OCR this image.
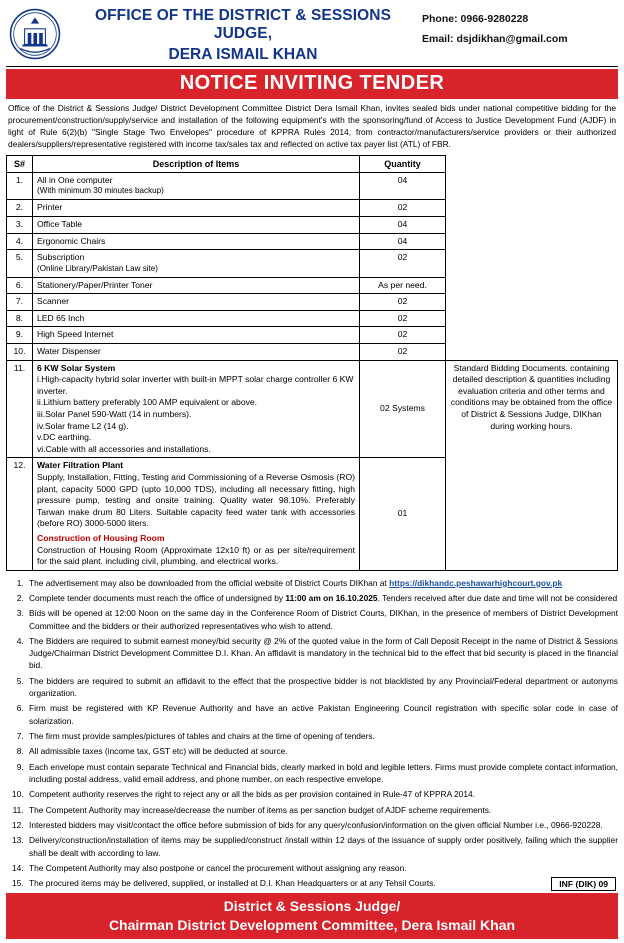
OFFICE OF THE DISTRICT & SESSIONS JUDGE,
DERA ISMAIL KHAN
Phone: 0966-9280228
Email: dsjdikhan@gmail.com
NOTICE INVITING TENDER
Office of the District & Sessions Judge/ District Development Committee District Dera Ismail Khan, invites sealed bids under national competitive bidding for the procurement/construction/supply/service and installation of the following equipment's with the sponsoring/fund of Access to Justice Development Fund (AJDF) in light of Rule 6(2)(b) "Single Stage Two Envelopes" procedure of KPPRA Rules 2014, from contractor/manufacturers/service providers or their authorized dealers/suppliers/representative registered with income tax/sales tax and reflected on active tax payer list (ATL) of FBR.
S#	Description of Items	Quantity	
1.	All in One computer
(With minimum 30 minutes backup)	04	
2.	Printer	02	
3.	Office Table	04	
4.	Ergonomic Chairs	04	
5.	Subscription
(Online Library/Pakistan Law site)	02	
6.	Stationery/Paper/Printer Toner	As per need.	
7.	Scanner	02	
8.	LED 65 Inch	02	
9.	High Speed Internet	02	
10.	Water Dispenser	02	
11.	6 KW Solar System
i.High-capacity hybrid solar inverter with built-in MPPT solar charge controller 6 KW inverter.
ii.Lithium battery preferably 100 AMP equivalent or above.
iii.Solar Panel 590-Watt (14 in numbers).
iv.Solar frame L2 (14 g).
v.DC earthing.
vi.Cable with all accessories and installations.
	02 Systems	Standard Bidding Documents. containing detailed description & quantities including evaluation criteria and other terms and conditions may be obtained from the office of District & Sessions Judge, DIKhan during working hours.
12.	Water Filtration Plant
Supply, Installation, Fitting, Testing and Commissioning of a Reverse Osmosis (RO) plant, capacity 5000 GPD (upto 10,000 TDS), including all necessary fitting, high pressure pump, testing and onsite training. Quality water 98.10%. Preferably Tarwan make drum 80 Liters. Suitable capacity feed water tank with accessories (before RO) 3000-5000 liters.
Construction of Housing Room
Construction of Housing Room (Approximate 12x10 ft) or as per site/requirement for the said plant. including civil, plumbing, and electrical works.	01	
1. The advertisement may also be downloaded from the official website of District Courts DIKhan at https://dikhandc.peshawarhighcourt.gov.pk
2. Complete tender documents must reach the office of undersigned by 11:00 am on 16.10.2025. Tenders received after due date and time will not be considered
3. Bids will be opened at 12:00 Noon on the same day in the Conference Room of District Courts, DIKhan, in the presence of members of District Development Committee and the bidders or their authorized representatives who wish to attend.
4. The Bidders are required to submit earnest money/bid security @ 2% of the quoted value in the form of Call Deposit Receipt in the name of District & Sessions Judge/Chairman District Development Committee D.I. Khan. An affidavit is mandatory in the technical bid to the effect that bid security is placed in the financial bid.
5. The bidders are required to submit an affidavit to the effect that the prospective bidder is not blacklisted by any Provincial/Federal department or autonyms organization.
6. Firm must be registered with KP Revenue Authority and have an active Pakistan Engineering Council registration with specific solar code in case of solarization.
7. The firm must provide samples/pictures of tables and chairs at the time of opening of tenders.
8. All admissible taxes (income tax, GST etc) will be deducted at source.
9. Each envelope must contain separate Technical and Financial bids, clearly marked in bold and legible letters. Firms must provide complete contact information, including postal address, valid email address, and phone number, on each respective envelope.
10. Competent authority reserves the right to reject any or all the bids as per provision contained in Rule-47 of KPPRA 2014.
11. The Competent Authority may increase/decrease the number of items as per sanction budget of AJDF scheme requirements.
12. Interested bidders may visit/contact the office before submission of bids for any query/confusion/information on the given official Number i.e., 0966-920228.
13. Delivery/construction/installation of items may be supplied/construct /install within 12 days of the issuance of supply order positively, failing which the supplier shall be dealt with according to law.
14. The Competent Authority may also postpone or cancel the procurement without assigning any reason.
15. The procured items may be delivered, supplied, or installed at D.I. Khan Headquarters or at any Tehsil Courts.	INF (DIK) 09
District & Sessions Judge/
Chairman District Development Committee, Dera Ismail Khan
